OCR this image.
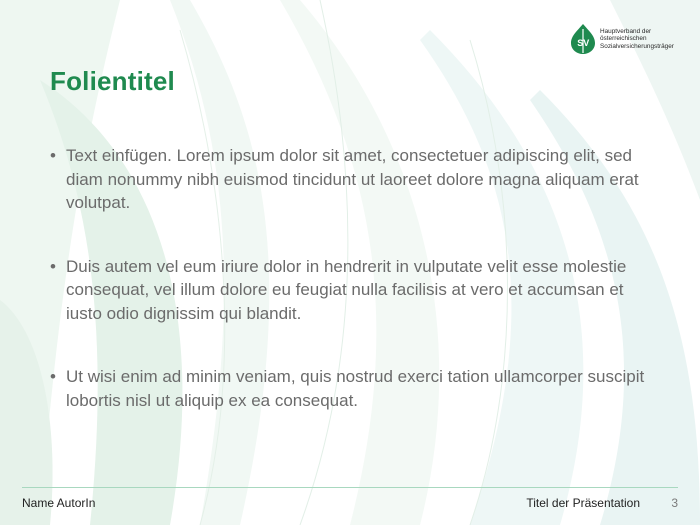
SV
Hauptverband der
österreichischen
Sozialversicherungsträger
Folientitel
• Text einfügen. Lorem ipsum dolor sit amet, consectetuer adipiscing elit, sed diam nonummy nibh euismod tincidunt ut laoreet dolore magna aliquam erat volutpat.
• Duis autem vel eum iriure dolor in hendrerit in vulputate velit esse molestie consequat, vel illum dolore eu feugiat nulla facilisis at vero et accumsan et iusto odio dignissim qui blandit.
• Ut wisi enim ad minim veniam, quis nostrud exerci tation ullamcorper suscipit lobortis nisl ut aliquip ex ea consequat.
Name AutorIn	Titel der Präsentation	3
